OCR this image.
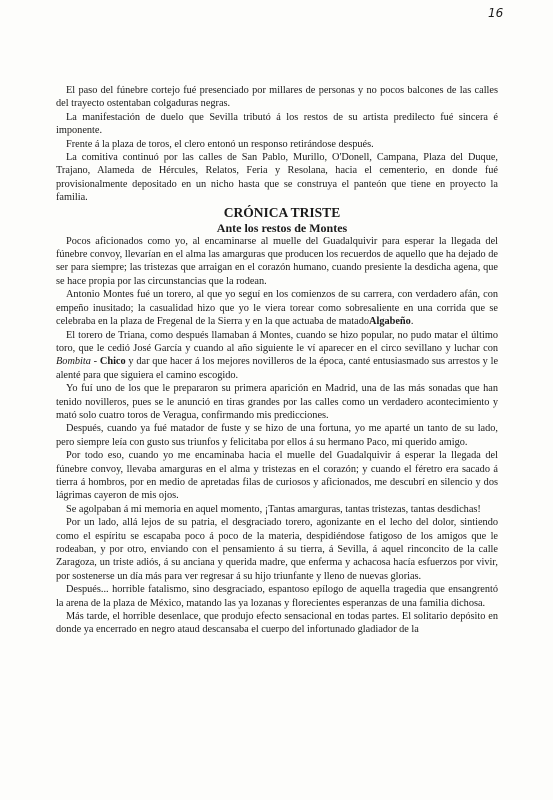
16

El paso del fúnebre cortejo fué presenciado por millares de personas y no pocos balcones de las calles del trayecto ostentaban colgaduras negras.

La manifestación de duelo que Sevilla tributó á los restos de su artista predilecto fué sincera é imponente.

Frente á la plaza de toros, el clero entonó un responso retirándose después.

La comitiva continuó por las calles de San Pablo, Murillo, O'Donell, Campana, Plaza del Duque, Trajano, Alameda de Hércules, Relatos, Feria y Resolana, hacia el cementerio, en donde fué provisionalmente depositado en un nicho hasta que se construya el panteón que tiene en proyecto la familia.

CRÓNICA TRISTE

Ante los restos de Montes

Pocos aficionados como yo, al encaminarse al muelle del Guadalquivir para esperar la llegada del fúnebre convoy, llevarían en el alma las amarguras que producen los recuerdos de aquello que ha dejado de ser para siempre; las tristezas que arraigan en el corazón humano, cuando presiente la desdicha agena, que se hace propia por las circunstancias que la rodean.

Antonio Montes fué un torero, al que yo seguí en los comienzos de su carrera, con verdadero afán, con empeño inusitado; la casualidad hizo que yo le viera torear como sobresaliente en una corrida que se celebraba en la plaza de Fregenal de la Sierra y en la que actuaba de matadoAlgabeño.

El torero de Triana, como después llamaban á Montes, cuando se hizo popular, no pudo matar el último toro, que le cedió José García y cuando al año siguiente le ví aparecer en el circo sevillano y luchar con Bombita - Chico y dar que hacer á los mejores novilleros de la época, canté entusiasmado sus arrestos y le alenté para que siguiera el camino escogido.

Yo fuí uno de los que le prepararon su primera aparición en Madrid, una de las más sonadas que han tenido novilleros, pues se le anunció en tiras grandes por las calles como un verdadero acontecimiento y mató solo cuatro toros de Veragua, confirmando mis predicciones.

Después, cuando ya fué matador de fuste y se hizo de una fortuna, yo me aparté un tanto de su lado, pero siempre leía con gusto sus triunfos y felicitaba por ellos á su hermano Paco, mi querido amigo.

Por todo eso, cuando yo me encaminaba hacia el muelle del Guadalquivir á esperar la llegada del fúnebre convoy, llevaba amarguras en el alma y tristezas en el corazón; y cuando el féretro era sacado á tierra á hombros, por en medio de apretadas filas de curiosos y aficionados, me descubrí en silencio y dos lágrimas cayeron de mis ojos.

Se agolpaban á mi memoria en aquel momento, ¡Tantas amarguras, tantas tristezas, tantas desdichas!

Por un lado, allá lejos de su patria, el desgraciado torero, agonizante en el lecho del dolor, sintiendo como el espíritu se escapaba poco á poco de la materia, despidiéndose fatigoso de los amigos que le rodeaban, y por otro, enviando con el pensamiento á su tierra, á Sevilla, á aquel rinconcito de la calle Zaragoza, un triste adiós, á su anciana y querida madre, que enferma y achacosa hacía esfuerzos por vivir, por sostenerse un día más para ver regresar á su hijo triunfante y lleno de nuevas glorias.

Después... horrible fatalismo, sino desgraciado, espantoso epílogo de aquella tragedia que ensangrentó la arena de la plaza de México, matando las ya lozanas y florecientes esperanzas de una familia dichosa.

Más tarde, el horrible desenlace, que produjo efecto sensacional en todas partes. El solitario depósito en donde ya encerrado en negro ataud descansaba el cuerpo del infortunado gladiador de la
